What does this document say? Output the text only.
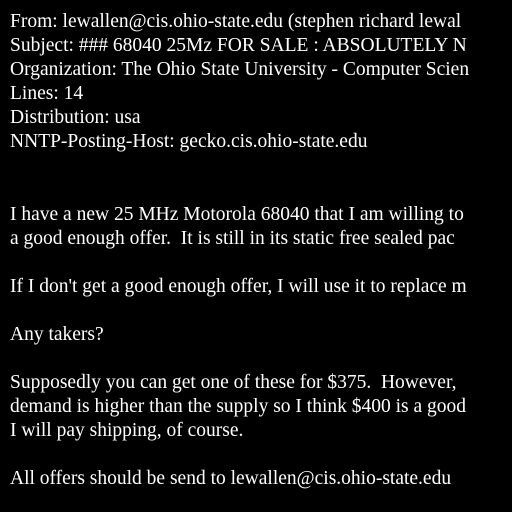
From: lewallen@cis.ohio-state.edu (stephen richard lewal

Subject: ### 68040 25Mz FOR SALE : ABSOLUTELY N

Organization: The Ohio State University - Computer Scien

Lines: 14

Distribution: usa

NNTP-Posting-Host: gecko.cis.ohio-state.edu

I have a new 25 MHz Motorola 68040 that I am willing to

a good enough offer.  It is still in its static free sealed pac

If I don't get a good enough offer, I will use it to replace m

Any takers?

Supposedly you can get one of these for $375.  However,

demand is higher than the supply so I think $400 is a good

I will pay shipping, of course.

All offers should be send to lewallen@cis.ohio-state.edu
